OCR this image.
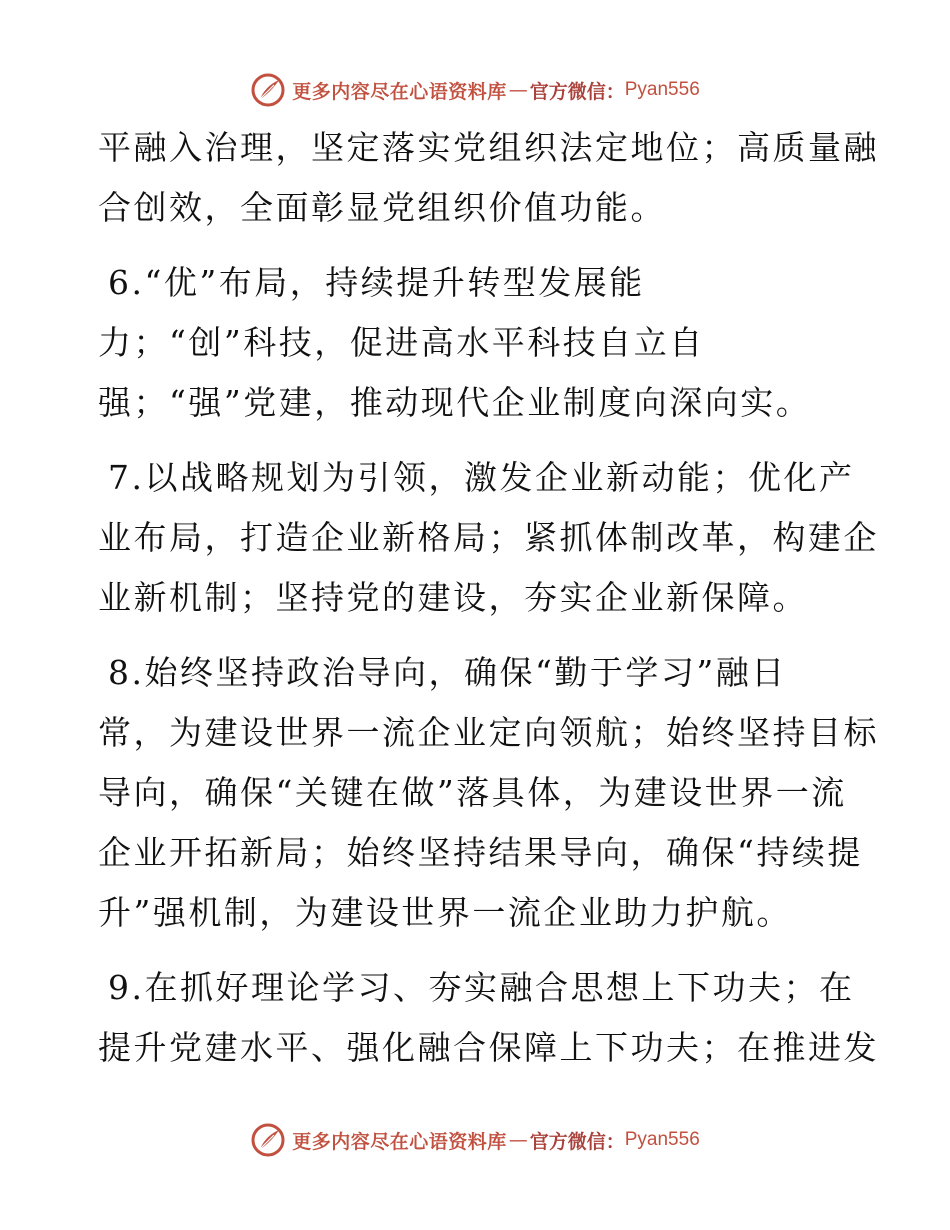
更多内容尽在心语资料库 — 官方微信： Pyan556

平融入治理，坚定落实党组织法定地位；高质量融
合创效，全面彰显党组织价值功能。

6.“优”布局，持续提升转型发展能
力；“创”科技，促进高水平科技自立自
强；“强”党建，推动现代企业制度向深向实。

7.以战略规划为引领，激发企业新动能；优化产
业布局，打造企业新格局；紧抓体制改革，构建企
业新机制；坚持党的建设，夯实企业新保障。

8.始终坚持政治导向，确保“勤于学习”融日
常，为建设世界一流企业定向领航；始终坚持目标
导向，确保“关键在做”落具体，为建设世界一流
企业开拓新局；始终坚持结果导向，确保“持续提
升”强机制，为建设世界一流企业助力护航。

9.在抓好理论学习、夯实融合思想上下功夫；在
提升党建水平、强化融合保障上下功夫；在推进发

更多内容尽在心语资料库 — 官方微信： Pyan556
